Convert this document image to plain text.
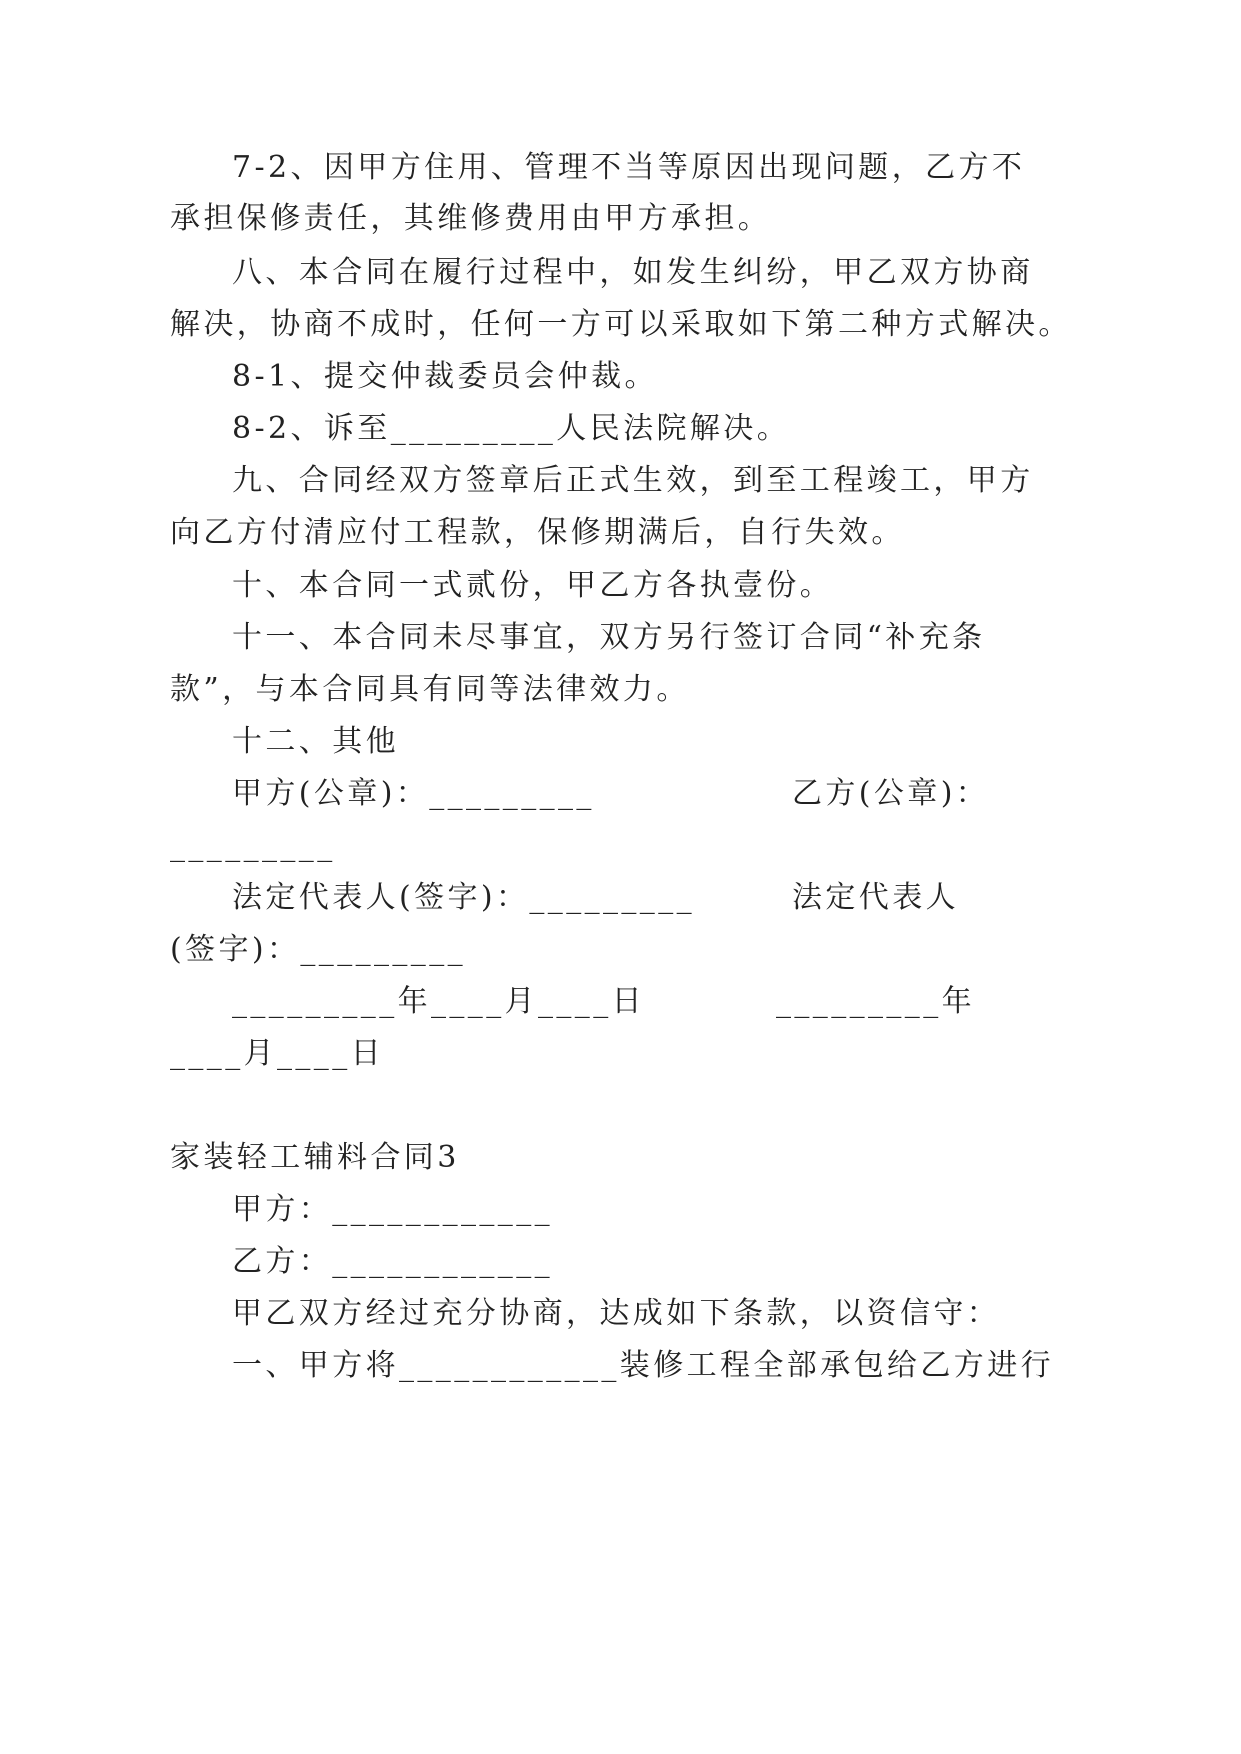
7-2、因甲方住用、管理不当等原因出现问题，乙方不
承担保修责任，其维修费用由甲方承担。
八、本合同在履行过程中，如发生纠纷，甲乙双方协商
解决，协商不成时，任何一方可以采取如下第二种方式解决。
8-1、提交仲裁委员会仲裁。
8-2、诉至_________人民法院解决。
九、合同经双方签章后正式生效，到至工程竣工，甲方
向乙方付清应付工程款，保修期满后，自行失效。
十、本合同一式贰份，甲乙方各执壹份。
十一、本合同未尽事宜，双方另行签订合同“补充条
款”，与本合同具有同等法律效力。
十二、其他
甲方(公章)：_________	乙方(公章)：
_________
法定代表人(签字)：_________	法定代表人
(签字)：_________
_________年____月____日	_________年
____月____日
家装轻工辅料合同3
甲方：____________
乙方：____________
甲乙双方经过充分协商，达成如下条款，以资信守：
一、甲方将____________装修工程全部承包给乙方进行
